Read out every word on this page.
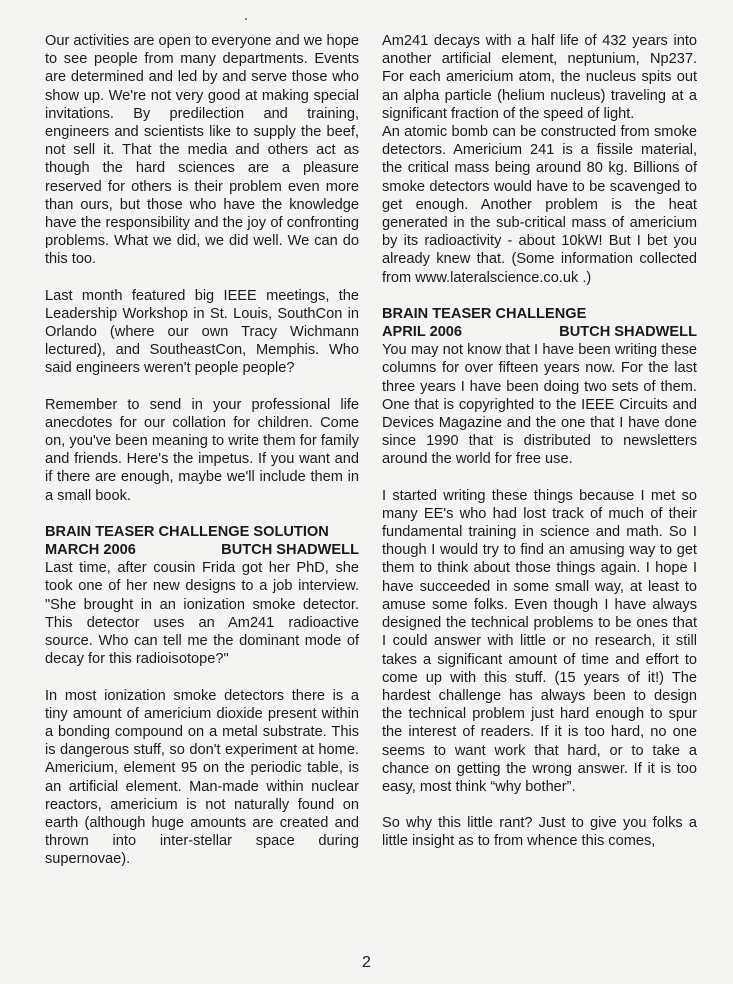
Our activities are open to everyone and we hope to see people from many departments. Events are determined and led by and serve those who show up. We're not very good at making special invitations. By predilection and training, engineers and scientists like to supply the beef, not sell it. That the media and others act as though the hard sciences are a pleasure reserved for others is their problem even more than ours, but those who have the knowledge have the responsibility and the joy of confronting problems. What we did, we did well. We can do this too.

Last month featured big IEEE meetings, the Leadership Workshop in St. Louis, SouthCon in Orlando (where our own Tracy Wichmann lectured), and SoutheastCon, Memphis. Who said engineers weren't people people?

Remember to send in your professional life anecdotes for our collation for children. Come on, you've been meaning to write them for family and friends. Here's the impetus. If you want and if there are enough, maybe we'll include them in a small book.

BRAIN TEASER CHALLENGE SOLUTION
MARCH 2006	BUTCH SHADWELL

Last time, after cousin Frida got her PhD, she took one of her new designs to a job interview. "She brought in an ionization smoke detector. This detector uses an Am241 radioactive source. Who can tell me the dominant mode of decay for this radioisotope?"

In most ionization smoke detectors there is a tiny amount of americium dioxide present within a bonding compound on a metal substrate. This is dangerous stuff, so don't experiment at home. Americium, element 95 on the periodic table, is an artificial element. Man-made within nuclear reactors, americium is not naturally found on earth (although huge amounts are created and thrown into inter-stellar space during supernovae).

Am241 decays with a half life of 432 years into another artificial element, neptunium, Np237. For each americium atom, the nucleus spits out an alpha particle (helium nucleus) traveling at a significant fraction of the speed of light.

An atomic bomb can be constructed from smoke detectors. Americium 241 is a fissile material, the critical mass being around 80 kg. Billions of smoke detectors would have to be scavenged to get enough. Another problem is the heat generated in the sub-critical mass of americium by its radioactivity - about 10kW! But I bet you already knew that. (Some information collected from www.lateralscience.co.uk .)

BRAIN TEASER CHALLENGE
APRIL 2006	BUTCH SHADWELL

You may not know that I have been writing these columns for over fifteen years now. For the last three years I have been doing two sets of them. One that is copyrighted to the IEEE Circuits and Devices Magazine and the one that I have done since 1990 that is distributed to newsletters around the world for free use.

I started writing these things because I met so many EE's who had lost track of much of their fundamental training in science and math. So I though I would try to find an amusing way to get them to think about those things again. I hope I have succeeded in some small way, at least to amuse some folks. Even though I have always designed the technical problems to be ones that I could answer with little or no research, it still takes a significant amount of time and effort to come up with this stuff. (15 years of it!) The hardest challenge has always been to design the technical problem just hard enough to spur the interest of readers. If it is too hard, no one seems to want work that hard, or to take a chance on getting the wrong answer. If it is too easy, most think “why bother”.

So why this little rant? Just to give you folks a little insight as to from whence this comes,

2
